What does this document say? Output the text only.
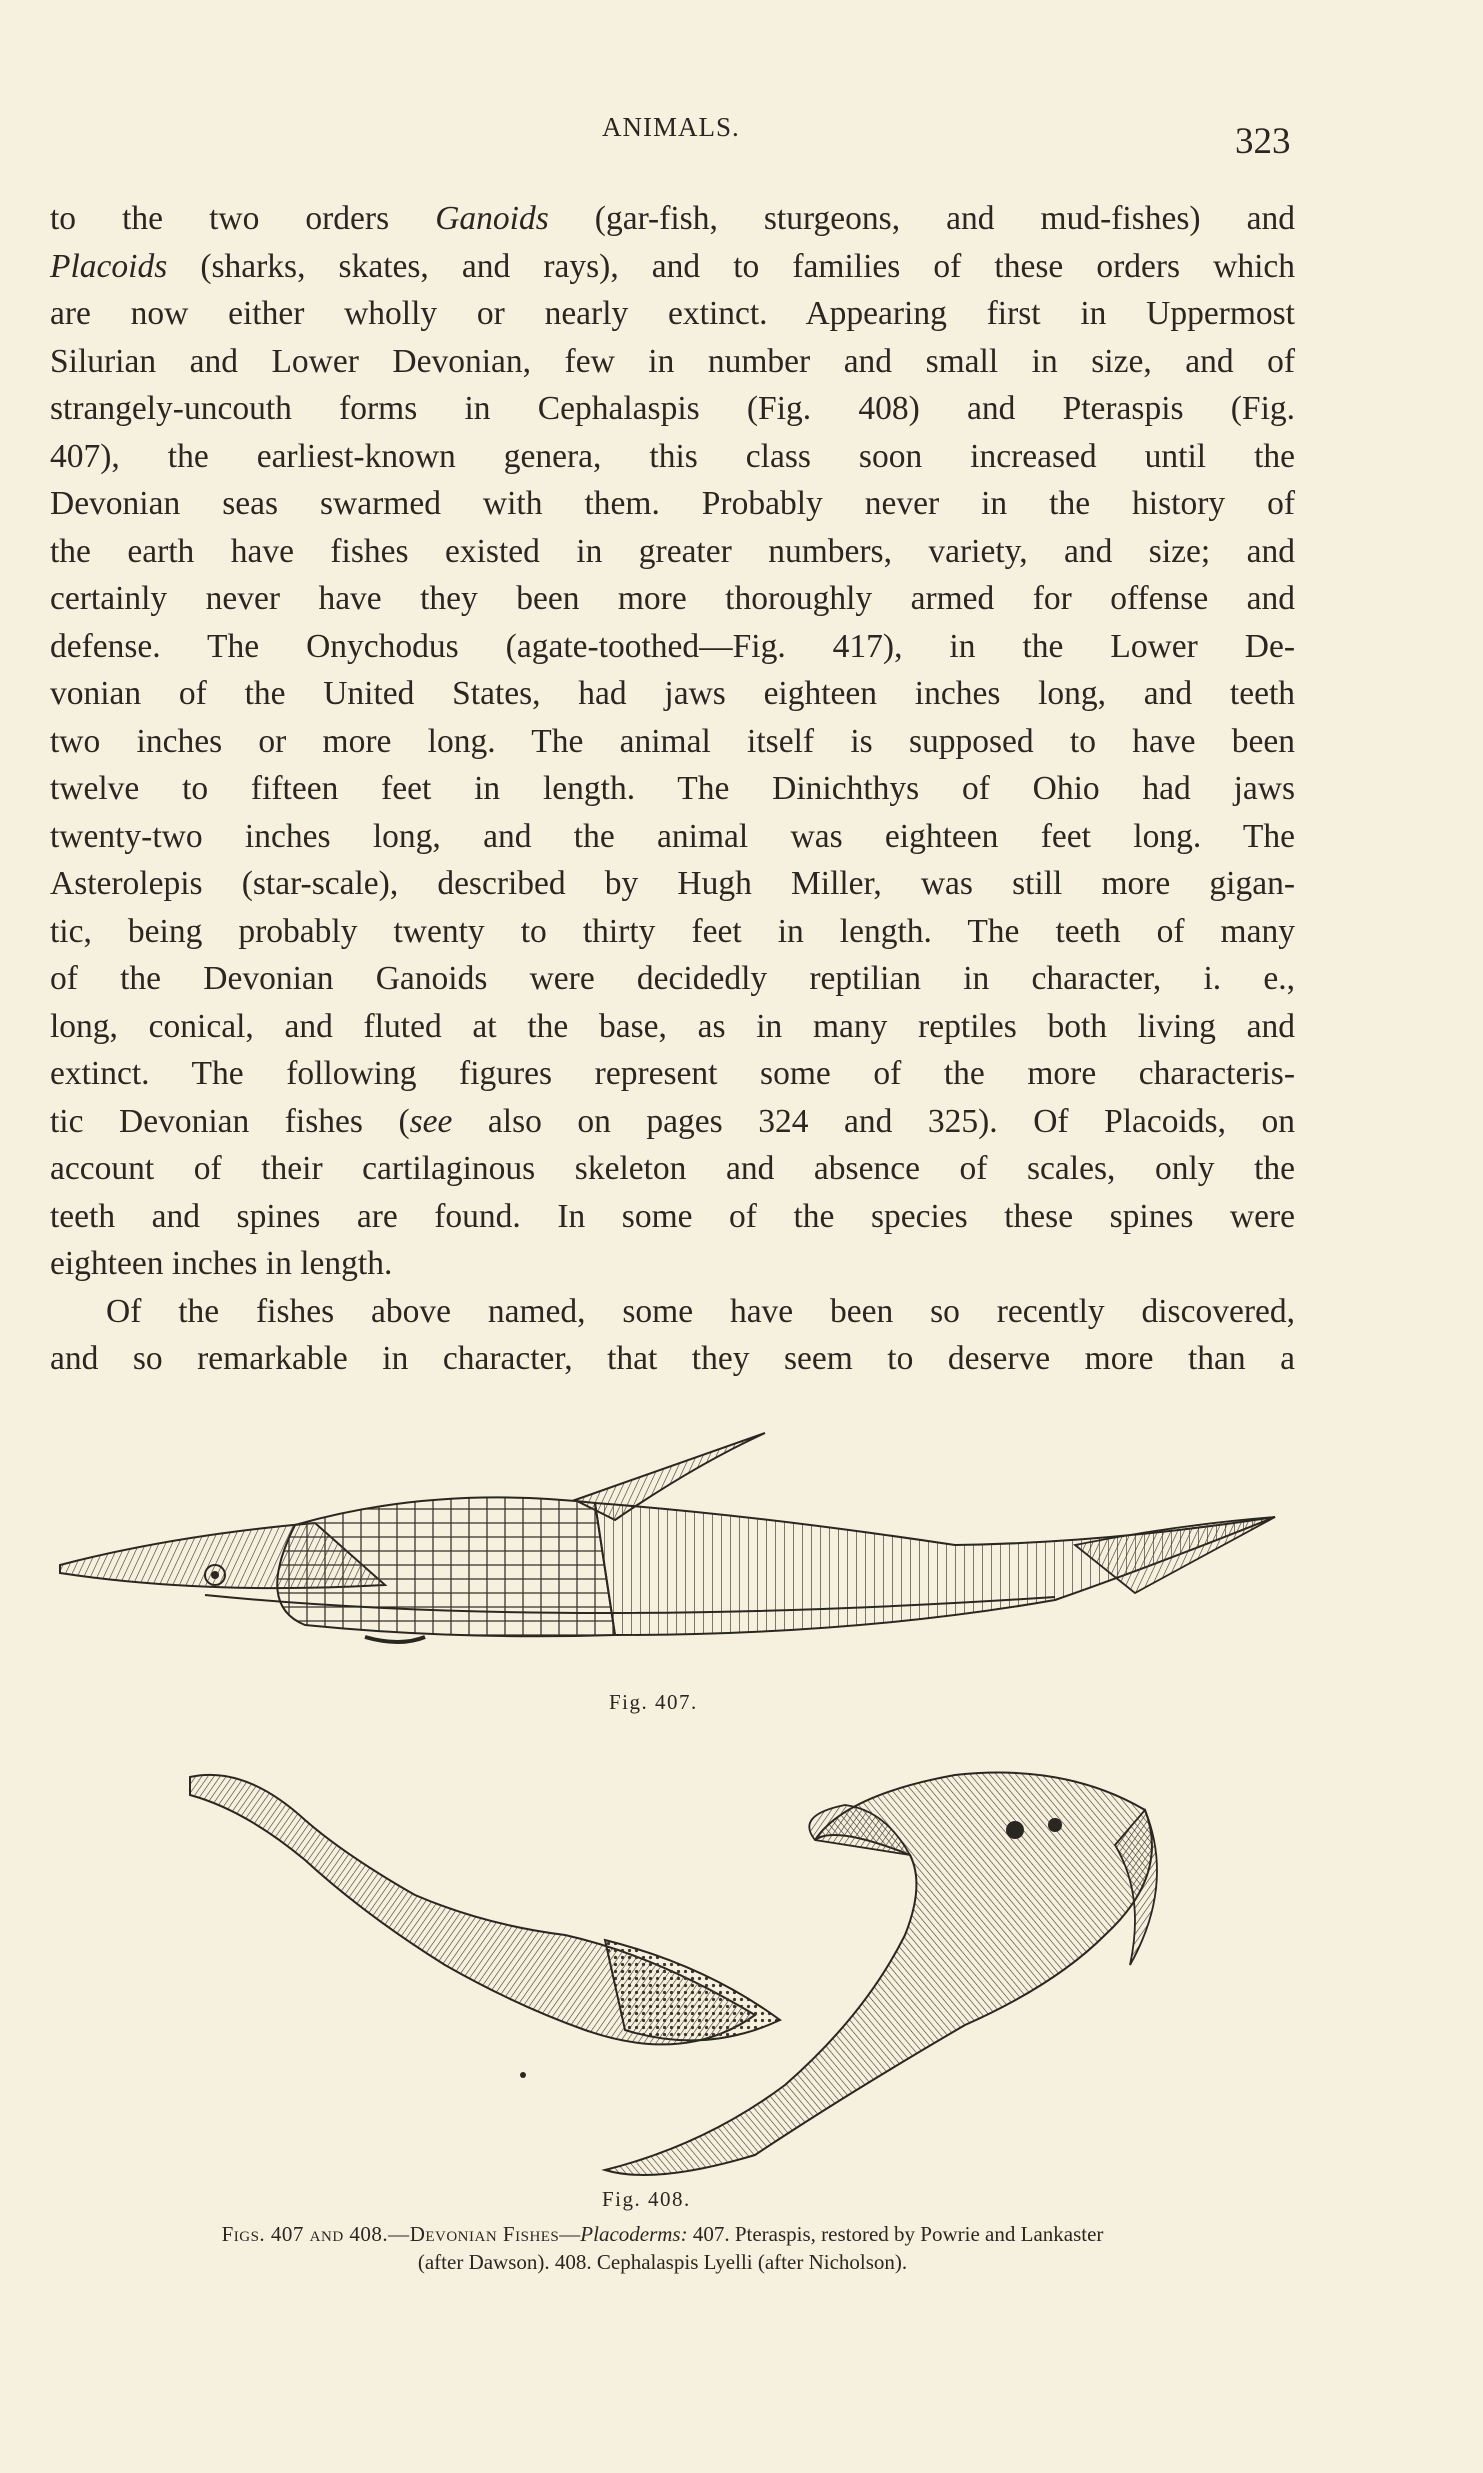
ANIMALS.	323
to the two orders Ganoids (gar-fish, sturgeons, and mud-fishes) and
Placoids (sharks, skates, and rays), and to families of these orders which
are now either wholly or nearly extinct. Appearing first in Uppermost
Silurian and Lower Devonian, few in number and small in size, and of
strangely-uncouth forms in Cephalaspis (Fig. 408) and Pteraspis (Fig.
407), the earliest-known genera, this class soon increased until the
Devonian seas swarmed with them. Probably never in the history of
the earth have fishes existed in greater numbers, variety, and size; and
certainly never have they been more thoroughly armed for offense and
defense. The Onychodus (agate-toothed—Fig. 417), in the Lower De-
vonian of the United States, had jaws eighteen inches long, and teeth
two inches or more long. The animal itself is supposed to have been
twelve to fifteen feet in length. The Dinichthys of Ohio had jaws
twenty-two inches long, and the animal was eighteen feet long. The
Asterolepis (star-scale), described by Hugh Miller, was still more gigan-
tic, being probably twenty to thirty feet in length. The teeth of many
of the Devonian Ganoids were decidedly reptilian in character, i. e.,
long, conical, and fluted at the base, as in many reptiles both living and
extinct. The following figures represent some of the more characteris-
tic Devonian fishes (see also on pages 324 and 325). Of Placoids, on
account of their cartilaginous skeleton and absence of scales, only the
teeth and spines are found. In some of the species these spines were
eighteen inches in length.
Of the fishes above named, some have been so recently discovered,
and so remarkable in character, that they seem to deserve more than a
Fig. 407.
Fig. 408.
Figs. 407 and 408.—Devonian Fishes—Placoderms: 407. Pteraspis, restored by Powrie and Lankaster
(after Dawson). 408. Cephalaspis Lyelli (after Nicholson).
